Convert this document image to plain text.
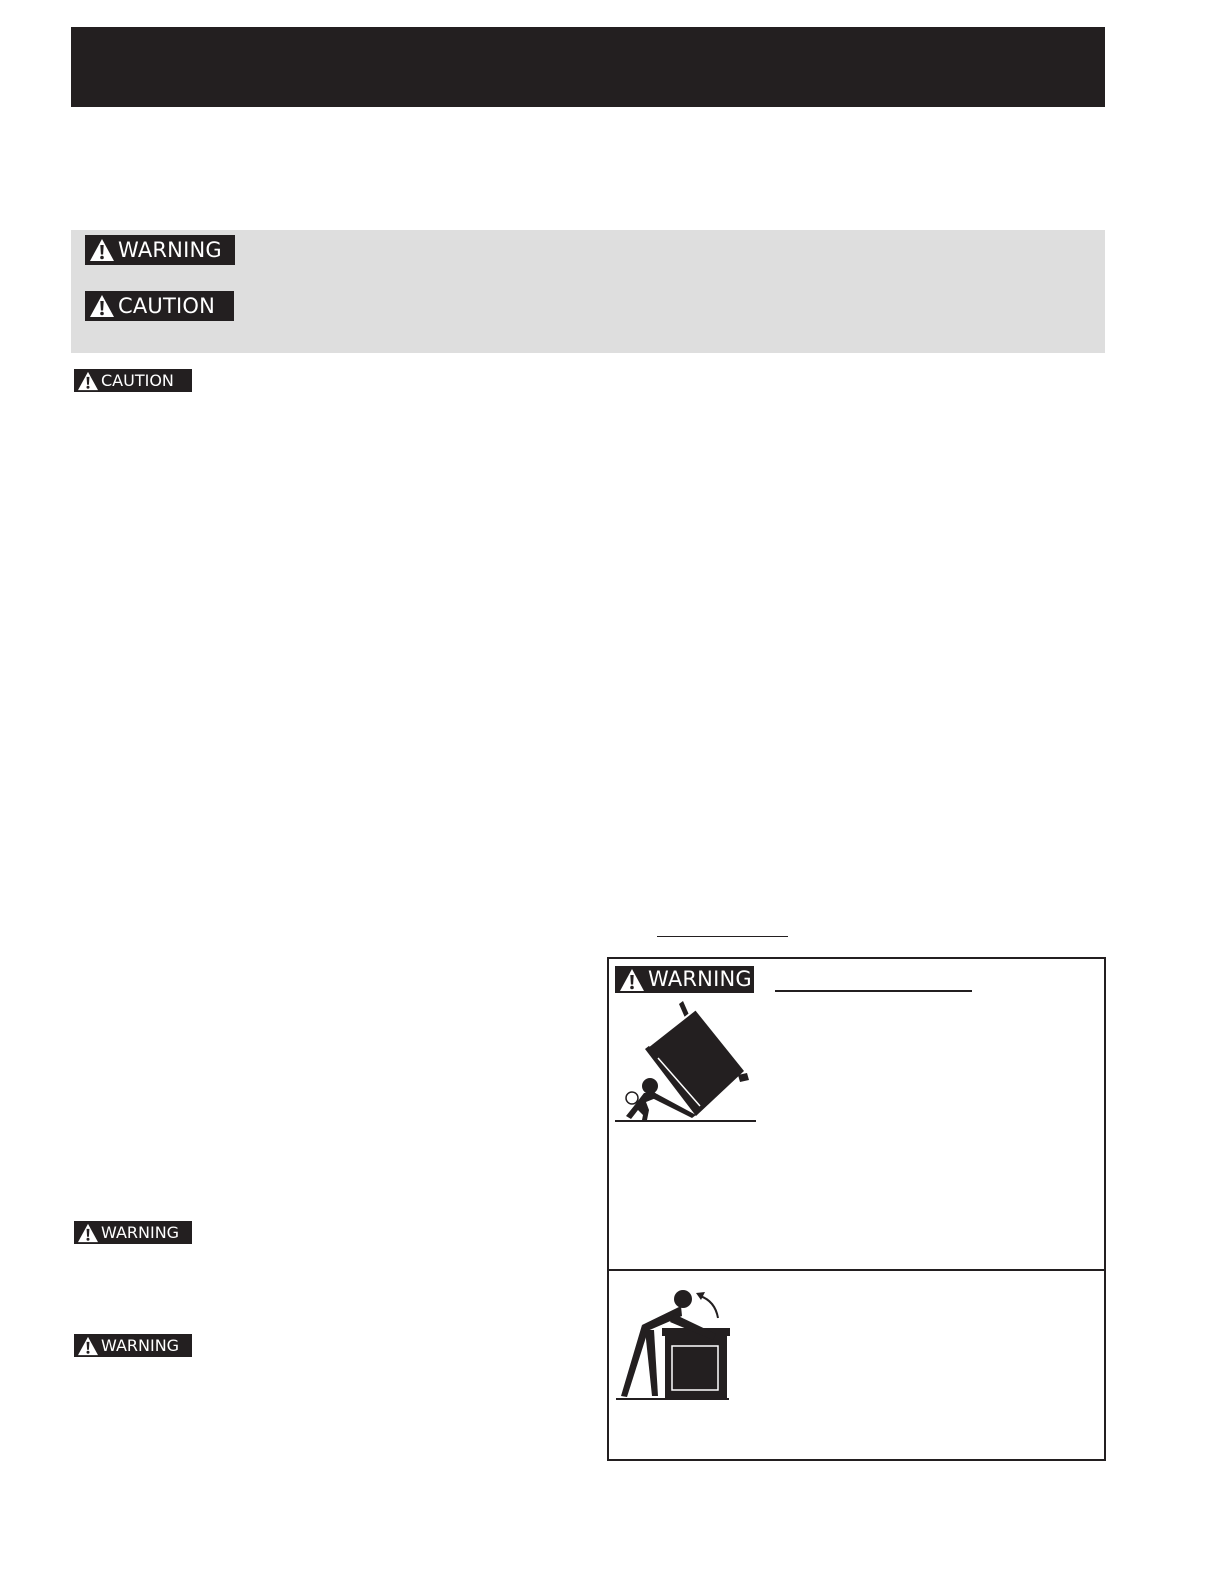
WARNING
CAUTION
CAUTION
WARNING
WARNING
WARNING
